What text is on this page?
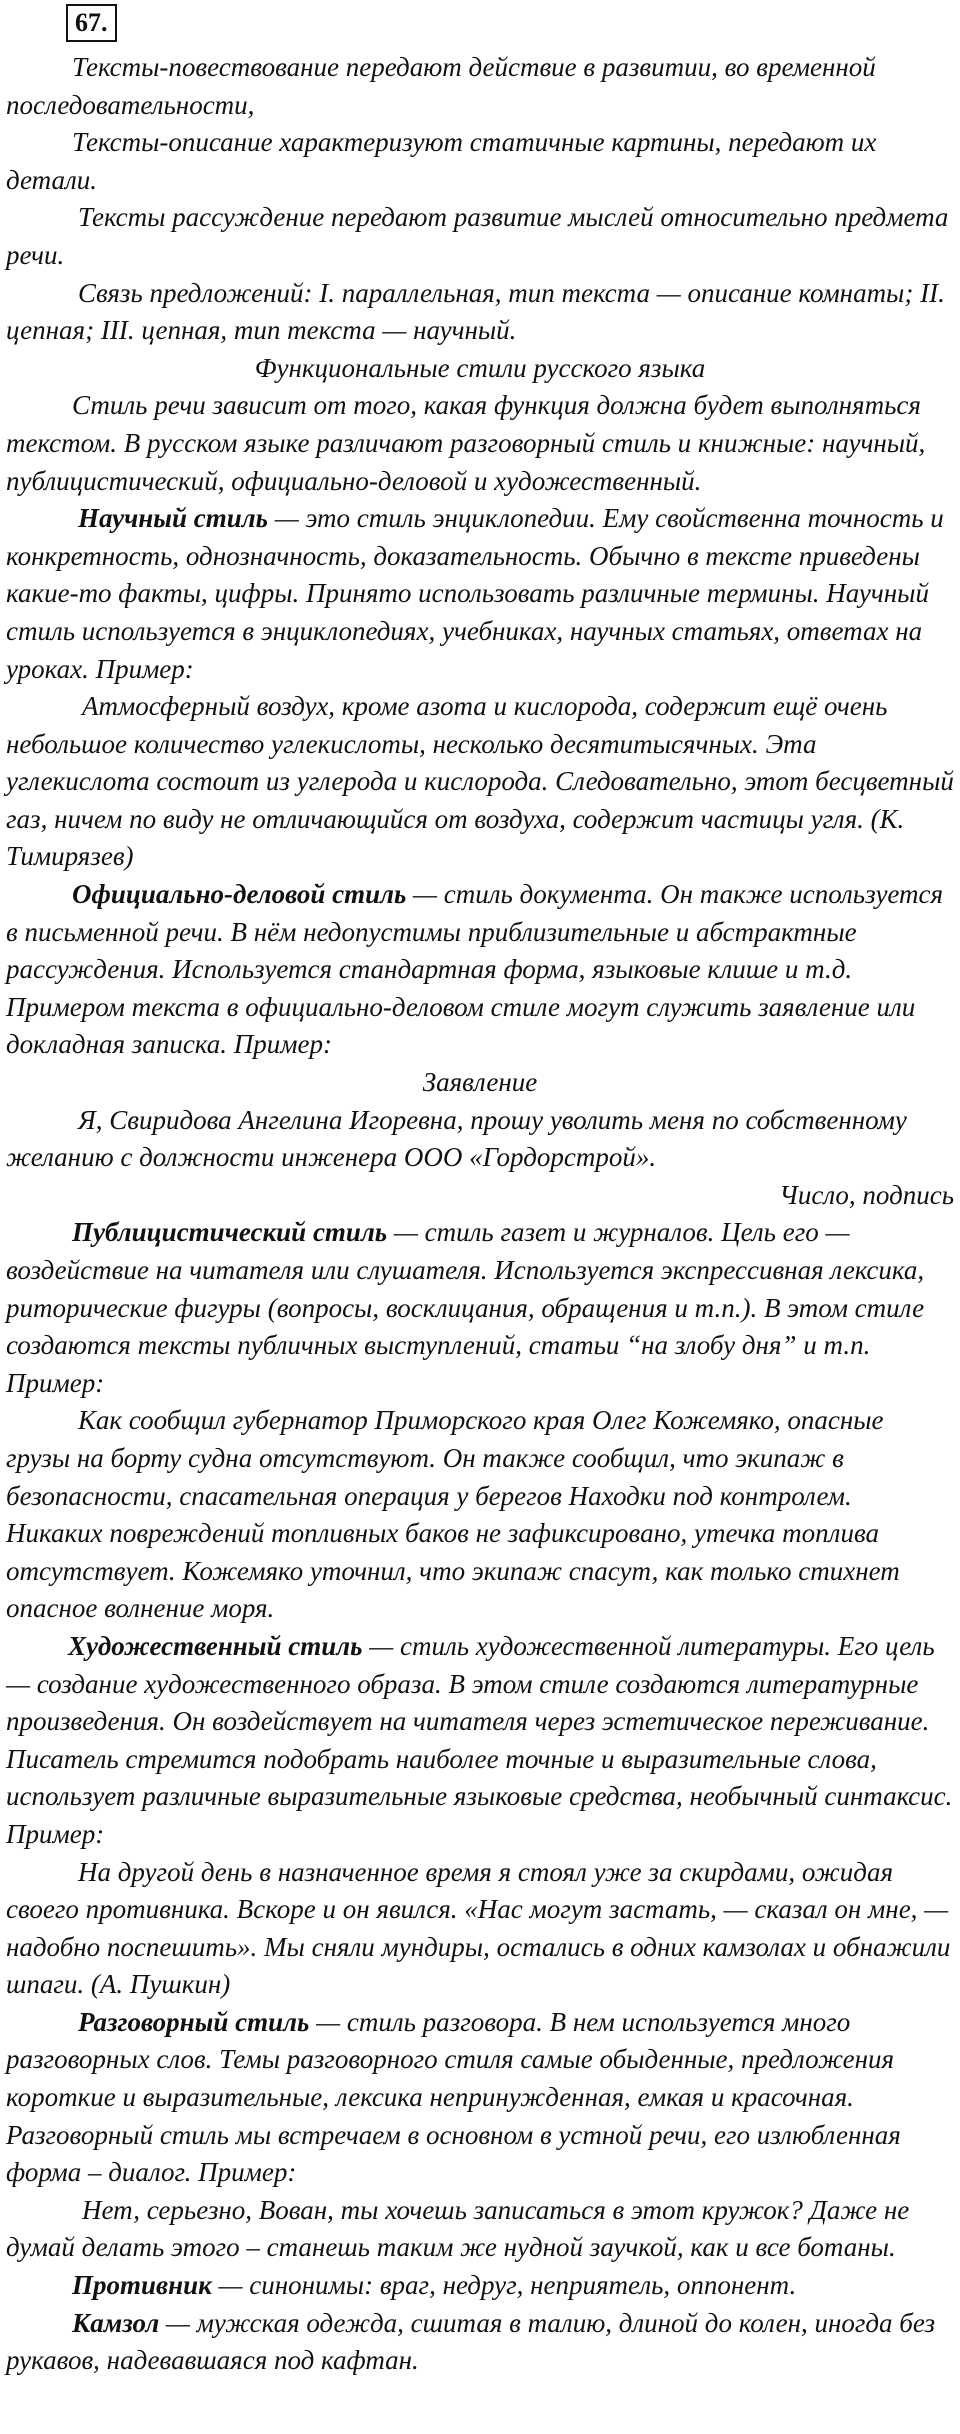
67.

Тексты-повествование передают действие в развитии, во временной последовательности,

Тексты-описание характеризуют статичные картины, передают их детали.

Тексты рассуждение передают развитие мыслей относительно предмета речи.

Связь предложений: I. параллельная, тип текста — описание комнаты; II. цепная; III. цепная, тип текста — научный.

Функциональные стили русского языка

Стиль речи зависит от того, какая функция должна будет выполняться текстом. В русском языке различают разговорный стиль и книжные: научный, публицистический, официально-деловой и художественный.

Научный стиль — это стиль энциклопедии. Ему свойственна точность и конкретность, однозначность, доказательность. Обычно в тексте приведены какие-то факты, цифры. Принято использовать различные термины. Научный стиль используется в энциклопедиях, учебниках, научных статьях, ответах на уроках. Пример:

Атмосферный воздух, кроме азота и кислорода, содержит ещё очень небольшое количество углекислоты, несколько десятитысячных. Эта углекислота состоит из углерода и кислорода. Следовательно, этот бесцветный газ, ничем по виду не отличающийся от воздуха, содержит частицы угля. (К. Тимирязев)

Официально-деловой стиль — стиль документа. Он также используется в письменной речи. В нём недопустимы приблизительные и абстрактные рассуждения. Используется стандартная форма, языковые клише и т.д. Примером текста в официально-деловом стиле могут служить заявление или докладная записка. Пример:

Заявление

Я, Свиридова Ангелина Игоревна, прошу уволить меня по собственному желанию с должности инженера ООО «Гордорстрой».

Число, подпись

Публицистический стиль — стиль газет и журналов. Цель его — воздействие на читателя или слушателя. Используется экспрессивная лексика, риторические фигуры (вопросы, восклицания, обращения и т.п.). В этом стиле создаются тексты публичных выступлений, статьи “на злобу дня” и т.п. Пример:

Как сообщил губернатор Приморского края Олег Кожемяко, опасные грузы на борту судна отсутствуют. Он также сообщил, что экипаж в безопасности, спасательная операция у берегов Находки под контролем. Никаких повреждений топливных баков не зафиксировано, утечка топлива отсутствует. Кожемяко уточнил, что экипаж спасут, как только стихнет опасное волнение моря.

Художественный стиль — стиль художественной литературы. Его цель — создание художественного образа. В этом стиле создаются литературные произведения. Он воздействует на читателя через эстетическое переживание. Писатель стремится подобрать наиболее точные и выразительные слова, использует различные выразительные языковые средства, необычный синтаксис. Пример:

На другой день в назначенное время я стоял уже за скирдами, ожидая своего противника. Вскоре и он явился. «Нас могут застать, — сказал он мне, — надобно поспешить». Мы сняли мундиры, остались в одних камзолах и обнажили шпаги. (А. Пушкин)

Разговорный стиль — стиль разговора. В нем используется много разговорных слов. Темы разговорного стиля самые обыденные, предложения короткие и выразительные, лексика непринужденная, емкая и красочная. Разговорный стиль мы встречаем в основном в устной речи, его излюбленная форма – диалог. Пример:

Нет, серьезно, Вован, ты хочешь записаться в этот кружок? Даже не думай делать этого – станешь таким же нудной заучкой, как и все ботаны.

Противник — синонимы: враг, недруг, неприятель, оппонент.

Камзол — мужская одежда, сшитая в талию, длиной до колен, иногда без рукавов, надевавшаяся под кафтан.
